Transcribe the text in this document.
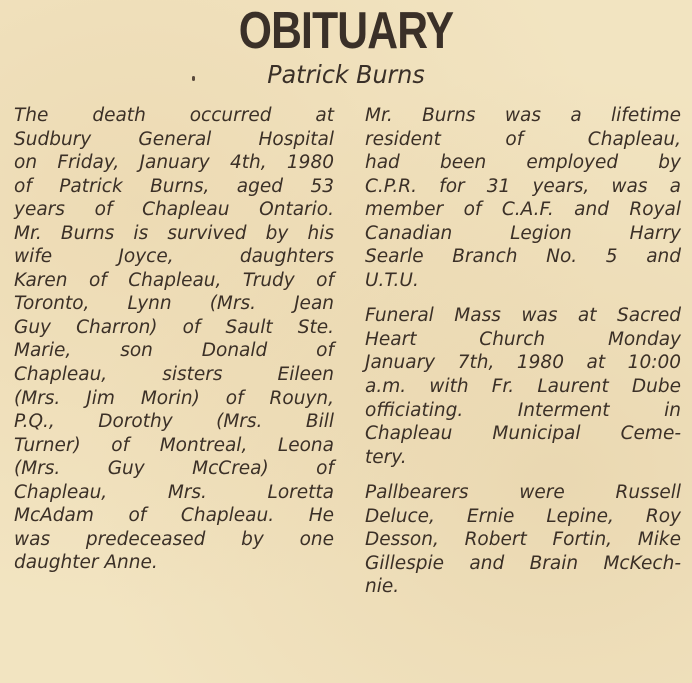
OBITUARY
Patrick Burns
The death occurred at
Sudbury General Hospital
on Friday, January 4th, 1980
of Patrick Burns, aged 53
years of Chapleau Ontario.
Mr. Burns is survived by his
wife Joyce, daughters
Karen of Chapleau, Trudy of
Toronto, Lynn (Mrs. Jean
Guy Charron) of Sault Ste.
Marie, son Donald of
Chapleau, sisters Eileen
(Mrs. Jim Morin) of Rouyn,
P.Q., Dorothy (Mrs. Bill
Turner) of Montreal, Leona
(Mrs. Guy McCrea) of
Chapleau, Mrs. Loretta
McAdam of Chapleau. He
was predeceased by one
daughter Anne.
Mr. Burns was a lifetime
resident of Chapleau,
had been employed by
C.P.R. for 31 years, was a
member of C.A.F. and Royal
Canadian Legion Harry
Searle Branch No. 5 and
U.T.U.
Funeral Mass was at Sacred
Heart Church Monday
January 7th, 1980 at 10:00
a.m. with Fr. Laurent Dube
officiating. Interment in
Chapleau Municipal Ceme-
tery.
Pallbearers were Russell
Deluce, Ernie Lepine, Roy
Desson, Robert Fortin, Mike
Gillespie and Brain McKech-
nie.
